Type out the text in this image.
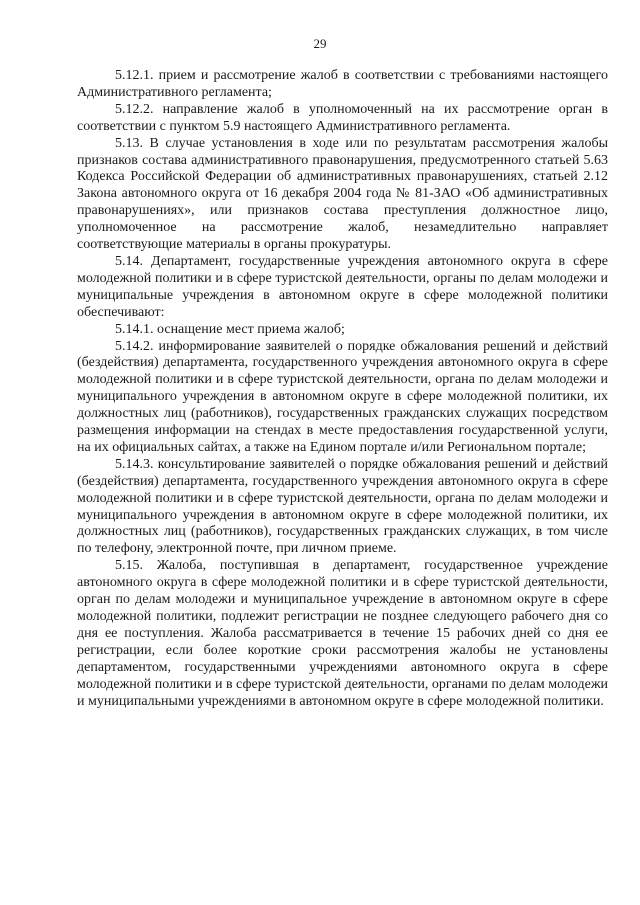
29

5.12.1. прием и рассмотрение жалоб в соответствии с требованиями настоящего Административного регламента;

5.12.2. направление жалоб в уполномоченный на их рассмотрение орган в соответствии с пунктом 5.9 настоящего Административного регламента.

5.13. В случае установления в ходе или по результатам рассмотрения жалобы признаков состава административного правонарушения, предусмотренного статьей 5.63 Кодекса Российской Федерации об административных правонарушениях, статьей 2.12 Закона автономного округа от 16 декабря 2004 года № 81-ЗАО «Об административных правонарушениях», или признаков состава преступления должностное лицо, уполномоченное на рассмотрение жалоб, незамедлительно направляет соответствующие материалы в органы прокуратуры.

5.14. Департамент, государственные учреждения автономного округа в сфере молодежной политики и в сфере туристской деятельности, органы по делам молодежи и муниципальные учреждения в автономном округе в сфере молодежной политики обеспечивают:

5.14.1. оснащение мест приема жалоб;

5.14.2. информирование заявителей о порядке обжалования решений и действий (бездействия) департамента, государственного учреждения автономного округа в сфере молодежной политики и в сфере туристской деятельности, органа по делам молодежи и муниципального учреждения в автономном округе в сфере молодежной политики, их должностных лиц (работников), государственных гражданских служащих посредством размещения информации на стендах в месте предоставления государственной услуги, на их официальных сайтах, а также на Едином портале и/или Региональном портале;

5.14.3. консультирование заявителей о порядке обжалования решений и действий (бездействия) департамента, государственного учреждения автономного округа в сфере молодежной политики и в сфере туристской деятельности, органа по делам молодежи и муниципального учреждения в автономном округе в сфере молодежной политики, их должностных лиц (работников), государственных гражданских служащих, в том числе по телефону, электронной почте, при личном приеме.

5.15. Жалоба, поступившая в департамент, государственное учреждение автономного округа в сфере молодежной политики и в сфере туристской деятельности, орган по делам молодежи и муниципальное учреждение в автономном округе в сфере молодежной политики, подлежит регистрации не позднее следующего рабочего дня со дня ее поступления. Жалоба рассматривается в течение 15 рабочих дней со дня ее регистрации, если более короткие сроки рассмотрения жалобы не установлены департаментом, государственными учреждениями автономного округа в сфере молодежной политики и в сфере туристской деятельности, органами по делам молодежи и муниципальными учреждениями в автономном округе в сфере молодежной политики.
